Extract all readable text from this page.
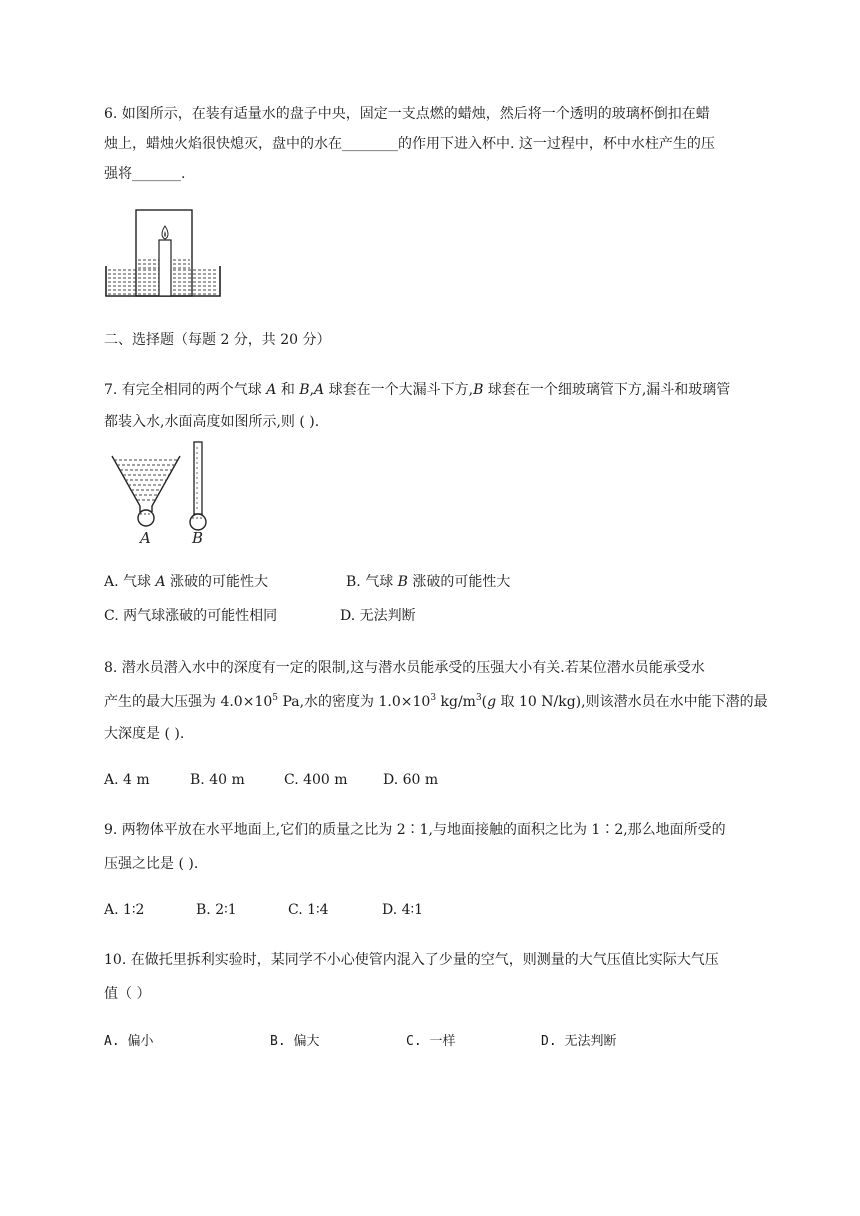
6. 如图所示，在装有适量水的盘子中央，固定一支点燃的蜡烛，然后将一个透明的玻璃杯倒扣在蜡
烛上，蜡烛火焰很快熄灭，盘中的水在________的作用下进入杯中. 这一过程中，杯中水柱产生的压
强将_______.
二、选择题（每题 2 分，共 20 分）
7. 有完全相同的两个气球 A 和 B,A 球套在一个大漏斗下方,B 球套在一个细玻璃管下方,漏斗和玻璃管
都装入水,水面高度如图所示,则 ( ).
A	B
A. 气球 A 涨破的可能性大	B. 气球 B 涨破的可能性大
C. 两气球涨破的可能性相同	D. 无法判断
8. 潜水员潜入水中的深度有一定的限制,这与潜水员能承受的压强大小有关.若某位潜水员能承受水
产生的最大压强为 $4.0\times 10^5$ Pa,水的密度为 $1.0\times 10^3$ $kg/m^3(g$ 取 10 N/kg),则该潜水员在水中能下潜的最
大深度是 ( ).
A. 4 m	B. 40 m	C. 400 m	D. 60 m
9. 两物体平放在水平地面上,它们的质量之比为 2∶1,与地面接触的面积之比为 1∶2,那么地面所受的
压强之比是 ( ).
A. 1∶2	B. 2∶1	C. 1∶4	D. 4∶1
10. 在做托里拆利实验时，某同学不小心使管内混入了少量的空气，则测量的大气压值比实际大气压
值（ ）
A. 偏小	B. 偏大	C. 一样	D. 无法判断
